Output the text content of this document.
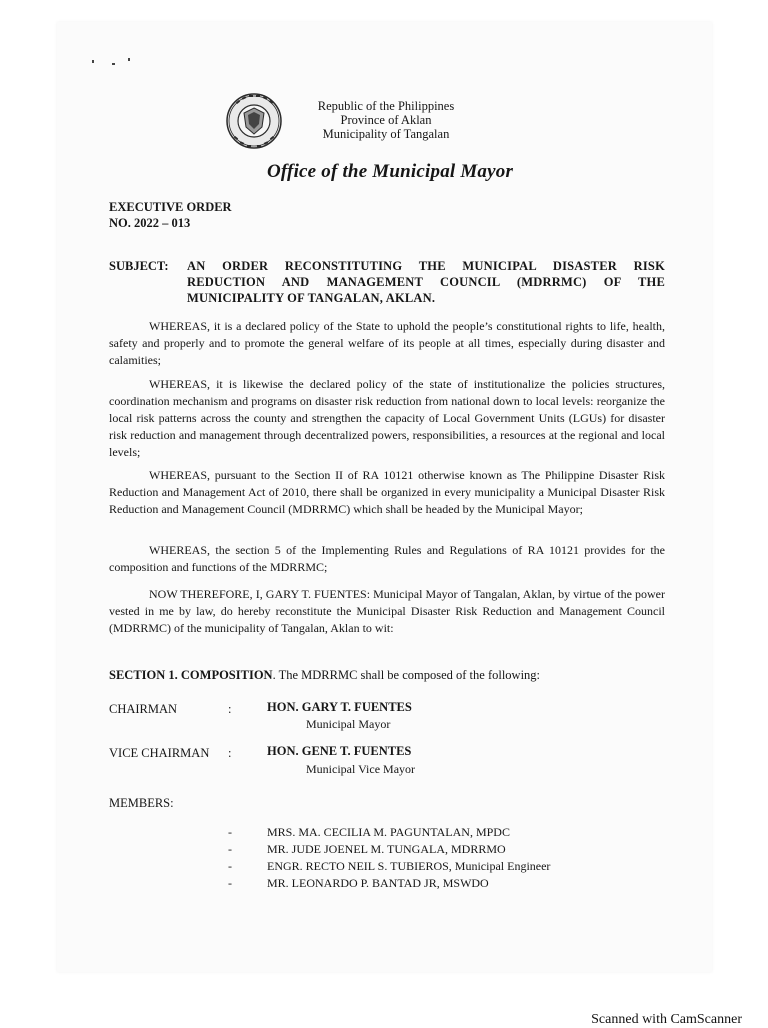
Republic of the Philippines
Province of Aklan
Municipality of Tangalan
Office of the Municipal Mayor
EXECUTIVE ORDER
NO. 2022 – 013
SUBJECT: AN ORDER RECONSTITUTING THE MUNICIPAL DISASTER RISK REDUCTION AND MANAGEMENT COUNCIL (MDRRMC) OF THE MUNICIPALITY OF TANGALAN, AKLAN.
WHEREAS, it is a declared policy of the State to uphold the people’s constitutional rights to life, health, safety and properly and to promote the general welfare of its people at all times, especially during disaster and calamities;
WHEREAS, it is likewise the declared policy of the state of institutionalize the policies structures, coordination mechanism and programs on disaster risk reduction from national down to local levels: reorganize the local risk patterns across the county and strengthen the capacity of Local Government Units (LGUs) for disaster risk reduction and management through decentralized powers, responsibilities, a resources at the regional and local levels;
WHEREAS, pursuant to the Section II of RA 10121 otherwise known as The Philippine Disaster Risk Reduction and Management Act of 2010, there shall be organized in every municipality a Municipal Disaster Risk Reduction and Management Council (MDRRMC) which shall be headed by the Municipal Mayor;
WHEREAS, the section 5 of the Implementing Rules and Regulations of RA 10121 provides for the composition and functions of the MDRRMC;
NOW THEREFORE, I, GARY T. FUENTES: Municipal Mayor of Tangalan, Aklan, by virtue of the power vested in me by law, do hereby reconstitute the Municipal Disaster Risk Reduction and Management Council (MDRRMC) of the municipality of Tangalan, Aklan to wit:
SECTION 1. COMPOSITION. The MDRRMC shall be composed of the following:
CHAIRMAN	:	HON. GARY T. FUENTES
Municipal Mayor
VICE CHAIRMAN :	HON. GENE T. FUENTES
Municipal Vice Mayor
MEMBERS:
-	MRS. MA. CECILIA M. PAGUNTALAN, MPDC
-	MR. JUDE JOENEL M. TUNGALA, MDRRMO
-	ENGR. RECTO NEIL S. TUBIEROS, Municipal Engineer
-	MR. LEONARDO P. BANTAD JR, MSWDO
Scanned with CamScanner
